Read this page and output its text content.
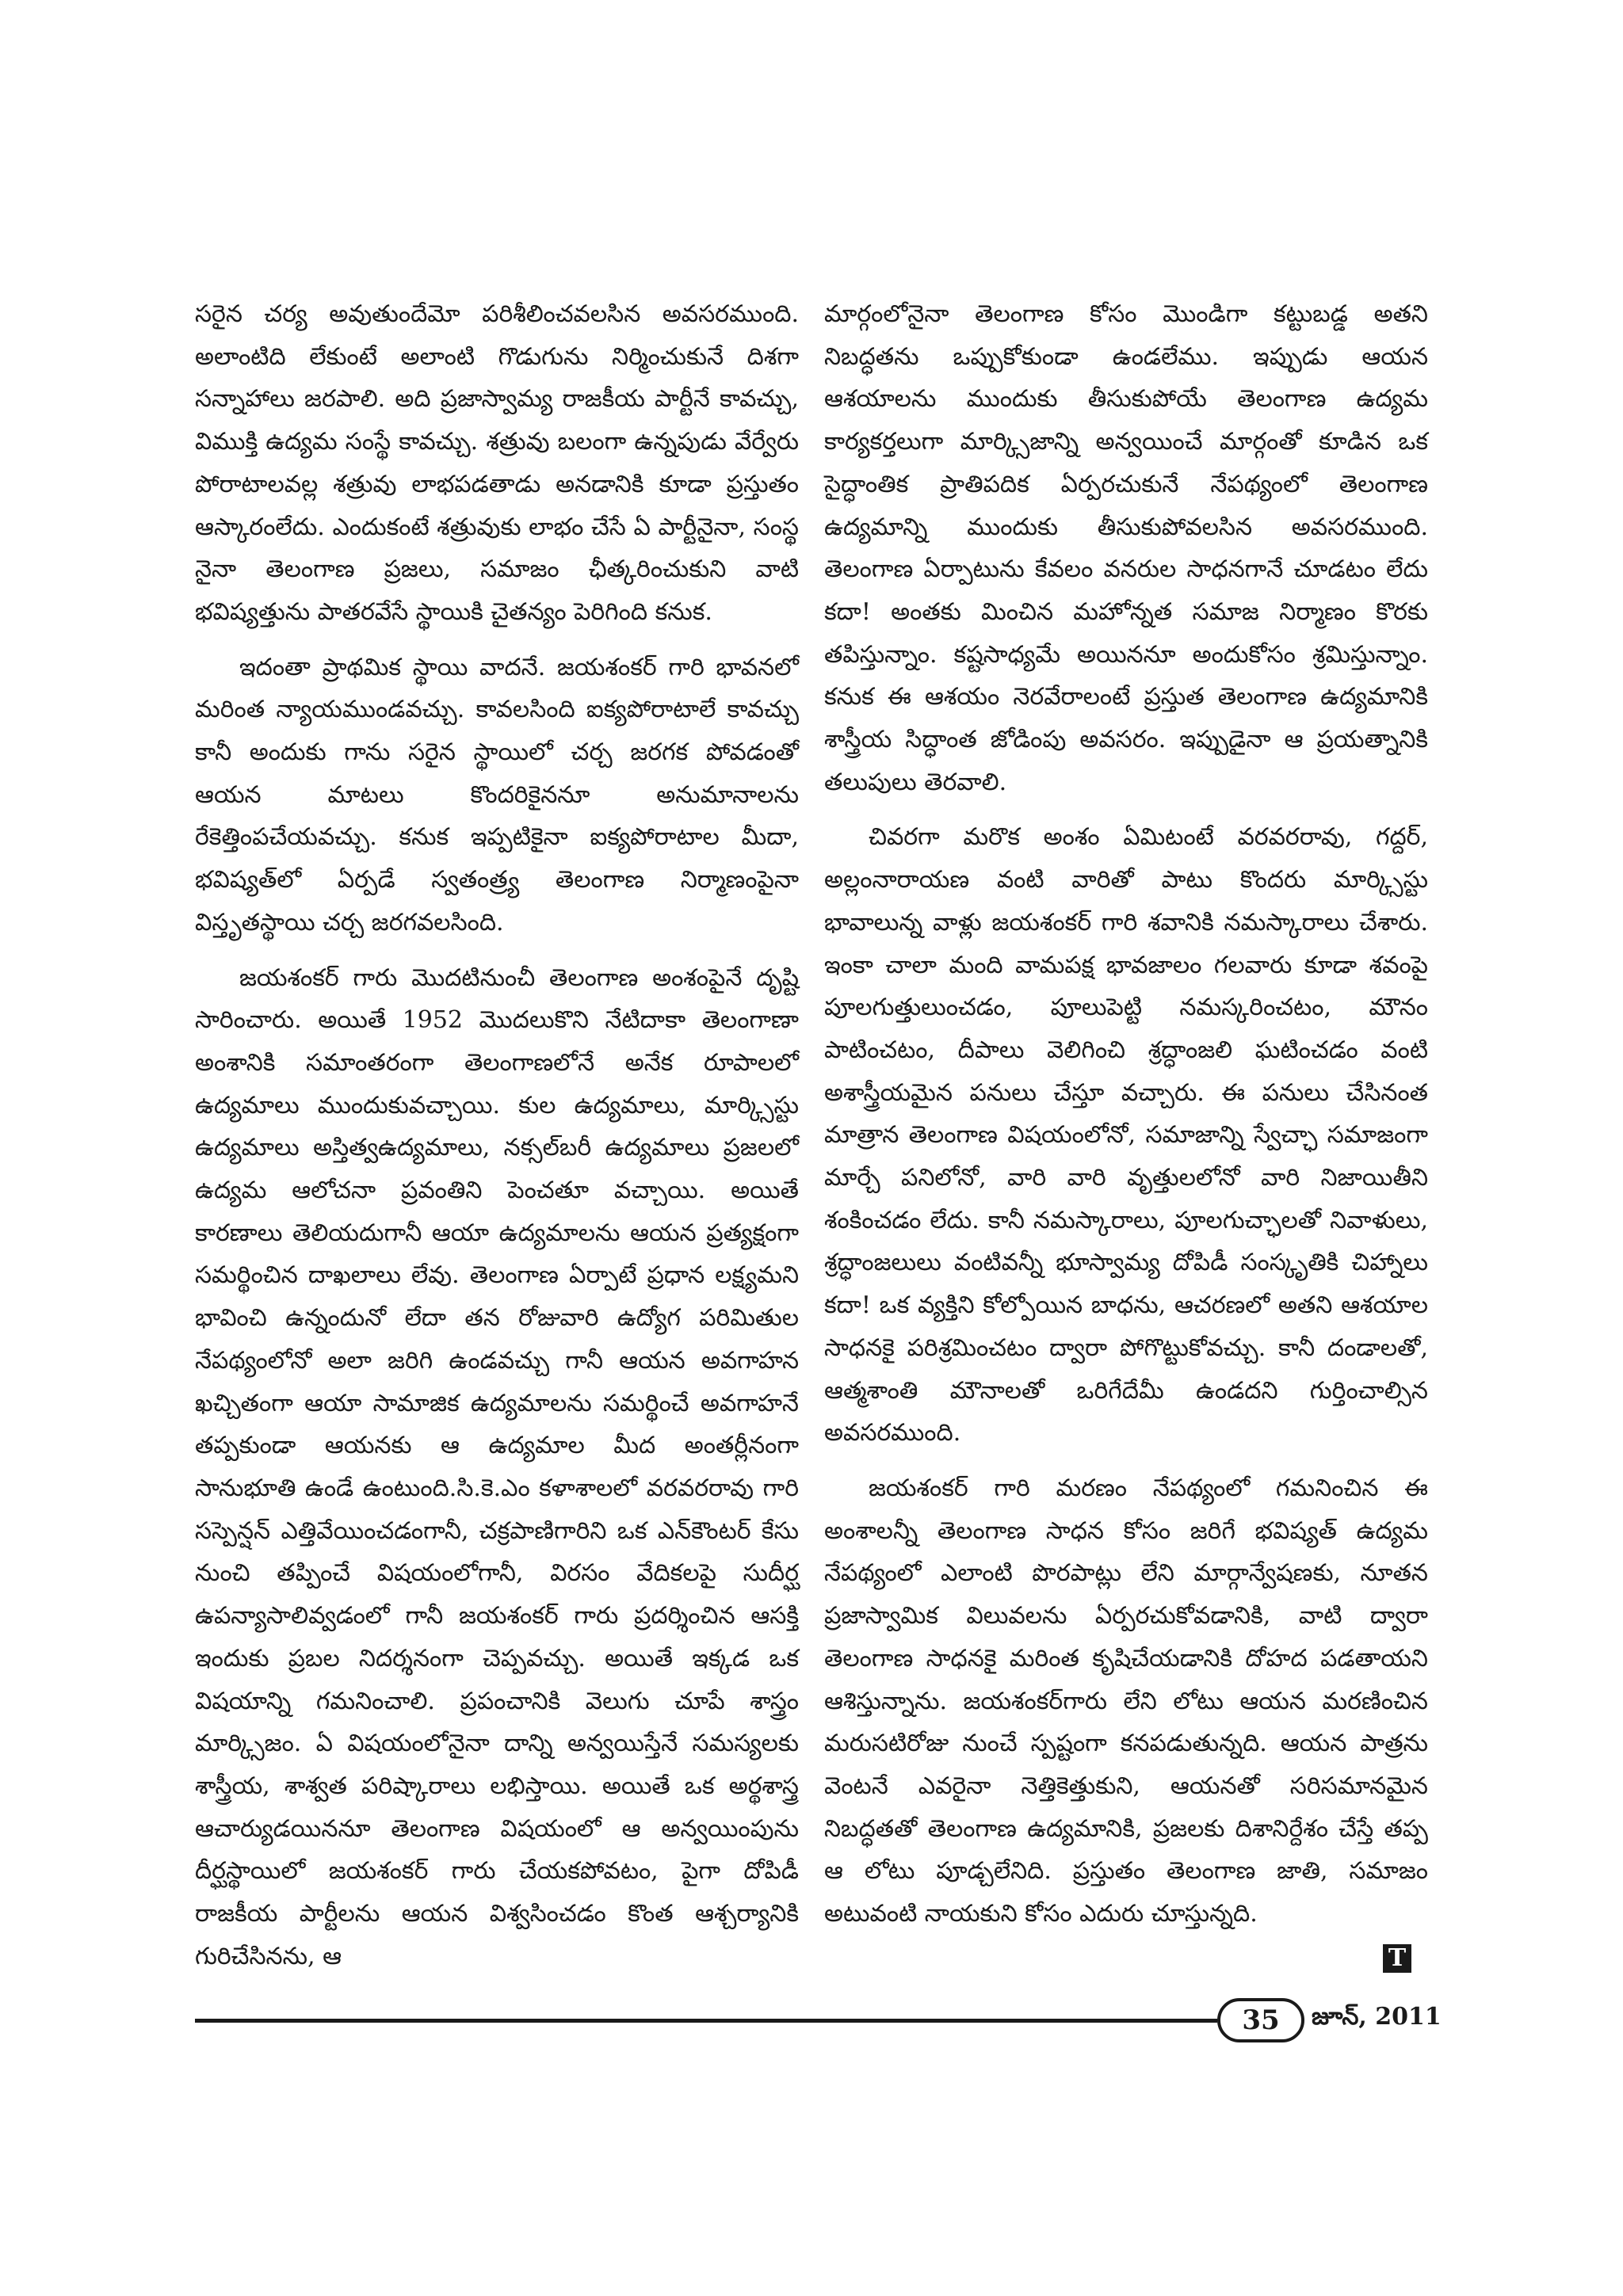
సరైన చర్య అవుతుందేమో పరిశీలించవలసిన అవసరముంది. అలాంటిది లేకుంటే అలాంటి గొడుగును నిర్మించుకునే దిశగా సన్నాహాలు జరపాలి. అది ప్రజాస్వామ్య రాజకీయ పార్టీనే కావచ్చు, విముక్తి ఉద్యమ సంస్థే కావచ్చు. శత్రువు బలంగా ఉన్నపుడు వేర్వేరు పోరాటాలవల్ల శత్రువు లాభపడతాడు అనడానికి కూడా ప్రస్తుతం ఆస్కారంలేదు. ఎందుకంటే శత్రువుకు లాభం చేసే ఏ పార్టీనైనా, సంస్థ నైనా తెలంగాణ ప్రజలు, సమాజం ఛీత్కరించుకుని వాటి భవిష్యత్తును పాతరవేసే స్థాయికి చైతన్యం పెరిగింది కనుక.

ఇదంతా ప్రాథమిక స్థాయి వాదనే. జయశంకర్ గారి భావనలో మరింత న్యాయముండవచ్చు. కావలసింది ఐక్యపోరాటాలే కావచ్చు కానీ అందుకు గాను సరైన స్థాయిలో చర్చ జరగక పోవడంతో ఆయన మాటలు కొందరికైననూ అనుమానాలను రేకెత్తింపచేయవచ్చు. కనుక ఇప్పటికైనా ఐక్యపోరాటాల మీదా, భవిష్యత్‌లో ఏర్పడే స్వతంత్ర్య తెలంగాణ నిర్మాణంపైనా విస్తృతస్థాయి చర్చ జరగవలసింది.

జయశంకర్ గారు మొదటినుంచీ తెలంగాణ అంశంపైనే దృష్టి సారించారు. అయితే 1952 మొదలుకొని నేటిదాకా తెలంగాణా అంశానికి సమాంతరంగా తెలంగాణలోనే అనేక రూపాలలో ఉద్యమాలు ముందుకువచ్చాయి. కుల ఉద్యమాలు, మార్క్సిస్టు ఉద్యమాలు అస్తిత్వఉద్యమాలు, నక్సల్‌బరీ ఉద్యమాలు ప్రజలలో ఉద్యమ ఆలోచనా ప్రవంతిని పెంచతూ వచ్చాయి. అయితే కారణాలు తెలియదుగానీ ఆయా ఉద్యమాలను ఆయన ప్రత్యక్షంగా సమర్థించిన దాఖలాలు లేవు. తెలంగాణ ఏర్పాటే ప్రధాన లక్ష్యమని భావించి ఉన్నందునో లేదా తన రోజువారి ఉద్యోగ పరిమితుల నేపథ్యంలోనో అలా జరిగి ఉండవచ్చు గానీ ఆయన అవగాహన ఖచ్చితంగా ఆయా సామాజిక ఉద్యమాలను సమర్థించే అవగాహనే తప్పకుండా ఆయనకు ఆ ఉద్యమాల మీద అంతర్లీనంగా సానుభూతి ఉండే ఉంటుంది.సి.కె.ఎం కళాశాలలో వరవరరావు గారి సస్పెన్షన్ ఎత్తివేయించడంగానీ, చక్రపాణిగారిని ఒక ఎన్‌కౌంటర్ కేసు నుంచి తప్పించే విషయంలోగానీ, విరసం వేదికలపై సుదీర్ఘ ఉపన్యాసాలివ్వడంలో గానీ జయశంకర్ గారు ప్రదర్శించిన ఆసక్తి ఇందుకు ప్రబల నిదర్శనంగా చెప్పవచ్చు. అయితే ఇక్కడ ఒక విషయాన్ని గమనించాలి. ప్రపంచానికి వెలుగు చూపే శాస్త్రం మార్క్సిజం. ఏ విషయంలోనైనా దాన్ని అన్వయిస్తేనే సమస్యలకు శాస్త్రీయ, శాశ్వత పరిష్కారాలు లభిస్తాయి. అయితే ఒక అర్థశాస్త్ర ఆచార్యుడయిననూ తెలంగాణ విషయంలో ఆ అన్వయింపును దీర్ఘస్థాయిలో జయశంకర్ గారు చేయకపోవటం, పైగా దోపిడీ రాజకీయ పార్టీలను ఆయన విశ్వసించడం కొంత ఆశ్చర్యానికి గురిచేసినను, ఆ

మార్గంలోనైనా తెలంగాణ కోసం మొండిగా కట్టుబడ్డ అతని నిబద్ధతను ఒప్పుకోకుండా ఉండలేము. ఇప్పుడు ఆయన ఆశయాలను ముందుకు తీసుకుపోయే తెలంగాణ ఉద్యమ కార్యకర్తలుగా మార్క్సిజాన్ని అన్వయించే మార్గంతో కూడిన ఒక సైద్ధాంతిక ప్రాతిపదిక ఏర్పరచుకునే నేపథ్యంలో తెలంగాణ ఉద్యమాన్ని ముందుకు తీసుకుపోవలసిన అవసరముంది. తెలంగాణ ఏర్పాటును కేవలం వనరుల సాధనగానే చూడటం లేదు కదా! అంతకు మించిన మహోన్నత సమాజ నిర్మాణం కొరకు తపిస్తున్నాం. కష్టసాధ్యమే అయిననూ అందుకోసం శ్రమిస్తున్నాం. కనుక ఈ ఆశయం నెరవేరాలంటే ప్రస్తుత తెలంగాణ ఉద్యమానికి శాస్త్రీయ సిద్ధాంత జోడింపు అవసరం. ఇప్పుడైనా ఆ ప్రయత్నానికి తలుపులు తెరవాలి.

చివరగా మరొక అంశం ఏమిటంటే వరవరరావు, గద్దర్, అల్లంనారాయణ వంటి వారితో పాటు కొందరు మార్క్సిస్టు భావాలున్న వాళ్లు జయశంకర్ గారి శవానికి నమస్కారాలు చేశారు. ఇంకా చాలా మంది వామపక్ష భావజాలం గలవారు కూడా శవంపై పూలగుత్తులుంచడం, పూలుపెట్టి నమస్కరించటం, మౌనం పాటించటం, దీపాలు వెలిగించి శ్రద్ధాంజలి ఘటించడం వంటి అశాస్త్రీయమైన పనులు చేస్తూ వచ్చారు. ఈ పనులు చేసినంత మాత్రాన తెలంగాణ విషయంలోనో, సమాజాన్ని స్వేచ్ఛా సమాజంగా మార్చే పనిలోనో, వారి వారి వృత్తులలోనో వారి నిజాయితీని శంకించడం లేదు. కానీ నమస్కారాలు, పూలగుచ్ఛాలతో నివాళులు, శ్రద్ధాంజలులు వంటివన్నీ భూస్వామ్య దోపిడీ సంస్కృతికి చిహ్నాలు కదా! ఒక వ్యక్తిని కోల్పోయిన బాధను, ఆచరణలో అతని ఆశయాల సాధనకై పరిశ్రమించటం ద్వారా పోగొట్టుకోవచ్చు. కానీ దండాలతో, ఆత్మశాంతి మౌనాలతో ఒరిగేదేమీ ఉండదని గుర్తించాల్సిన అవసరముంది.

జయశంకర్ గారి మరణం నేపథ్యంలో గమనించిన ఈ అంశాలన్నీ తెలంగాణ సాధన కోసం జరిగే భవిష్యత్ ఉద్యమ నేపథ్యంలో ఎలాంటి పొరపాట్లు లేని మార్గాన్వేషణకు, నూతన ప్రజాస్వామిక విలువలను ఏర్పరచుకోవడానికి, వాటి ద్వారా తెలంగాణ సాధనకై మరింత కృషిచేయడానికి దోహద పడతాయని ఆశిస్తున్నాను. జయశంకర్‌గారు లేని లోటు ఆయన మరణించిన మరుసటిరోజు నుంచే స్పష్టంగా కనపడుతున్నది. ఆయన పాత్రను వెంటనే ఎవరైనా నెత్తికెత్తుకుని, ఆయనతో సరిసమానమైన నిబద్ధతతో తెలంగాణ ఉద్యమానికి, ప్రజలకు దిశానిర్దేశం చేస్తే తప్ప ఆ లోటు పూడ్చలేనిది. ప్రస్తుతం తెలంగాణ జాతి, సమాజం అటువంటి నాయకుని కోసం ఎదురు చూస్తున్నది.

T
35	జూన్, 2011
